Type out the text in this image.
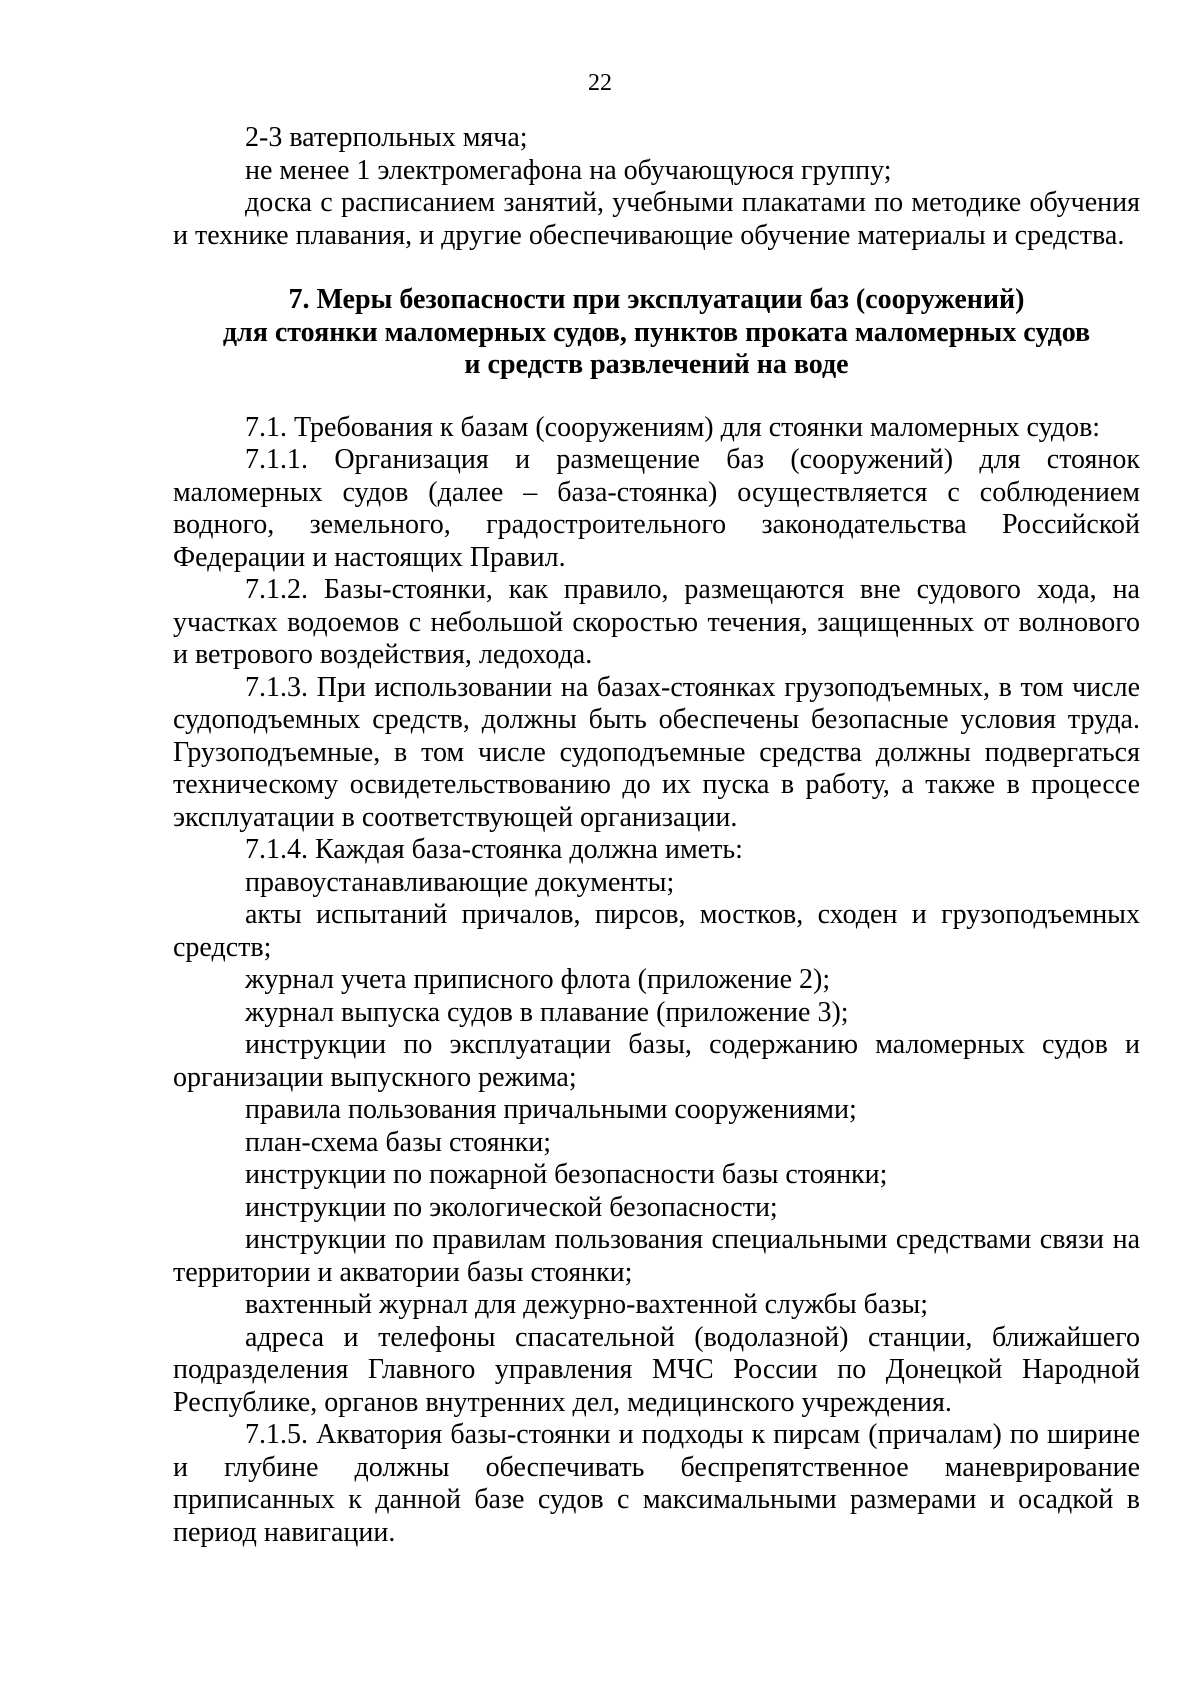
22

2-3 ватерпольных мяча;

не менее 1 электромегафона на обучающуюся группу;

доска с расписанием занятий, учебными плакатами по методике обучения и технике плавания, и другие обеспечивающие обучение материалы и средства.

7. Меры безопасности при эксплуатации баз (сооружений)

для стоянки маломерных судов, пунктов проката маломерных судов

и средств развлечений на воде

7.1. Требования к базам (сооружениям) для стоянки маломерных судов:

7.1.1. Организация и размещение баз (сооружений) для стоянок маломерных судов (далее – база-стоянка) осуществляется с соблюдением водного, земельного, градостроительного законодательства Российской Федерации и настоящих Правил.

7.1.2. Базы-стоянки, как правило, размещаются вне судового хода, на участках водоемов с небольшой скоростью течения, защищенных от волнового и ветрового воздействия, ледохода.

7.1.3. При использовании на базах-стоянках грузоподъемных, в том числе судоподъемных средств, должны быть обеспечены безопасные условия труда. Грузоподъемные, в том числе судоподъемные средства должны подвергаться техническому освидетельствованию до их пуска в работу, а также в процессе эксплуатации в соответствующей организации.

7.1.4. Каждая база-стоянка должна иметь:

правоустанавливающие документы;

акты испытаний причалов, пирсов, мостков, сходен и грузоподъемных средств;

журнал учета приписного флота (приложение 2);

журнал выпуска судов в плавание (приложение 3);

инструкции по эксплуатации базы, содержанию маломерных судов и организации выпускного режима;

правила пользования причальными сооружениями;

план-схема базы стоянки;

инструкции по пожарной безопасности базы стоянки;

инструкции по экологической безопасности;

инструкции по правилам пользования специальными средствами связи на территории и акватории базы стоянки;

вахтенный журнал для дежурно-вахтенной службы базы;

адреса и телефоны спасательной (водолазной) станции, ближайшего подразделения Главного управления МЧС России по Донецкой Народной Республике, органов внутренних дел, медицинского учреждения.

7.1.5. Акватория базы-стоянки и подходы к пирсам (причалам) по ширине и глубине должны обеспечивать беспрепятственное маневрирование приписанных к данной базе судов с максимальными размерами и осадкой в период навигации.
